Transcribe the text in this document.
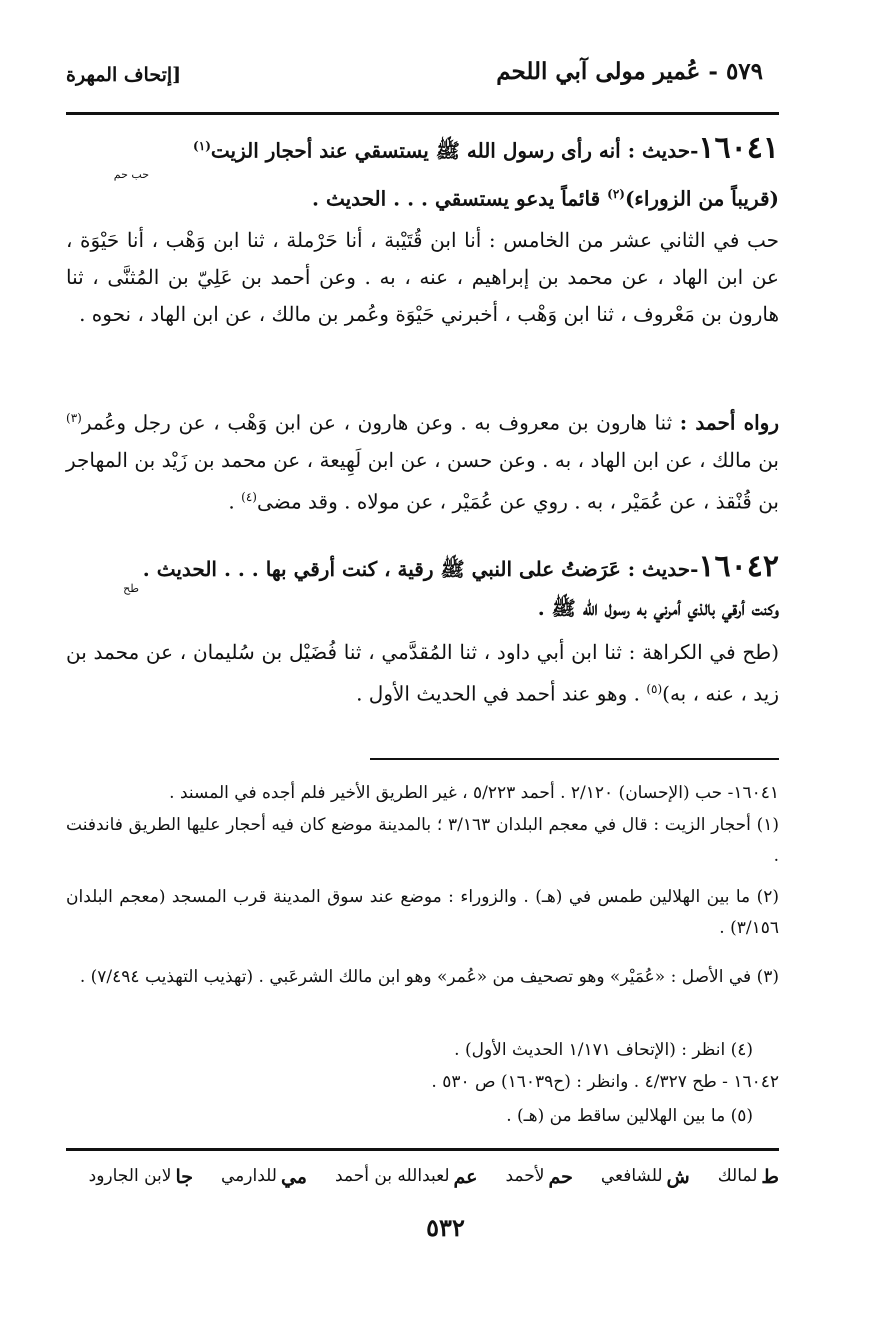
٥٧٩ - عُمير مولى آبي اللحم
[إتحاف المهرة
١٦٠٤١-حديث : أنه رأى رسول الله ﷺ يستسقي عند أحجار الزيت$^{(١)}$
حب حم
(قريباً من الزوراء)$^{(٢)}$ قائماً يدعو يستسقي . . . الحديث .
حب في الثاني عشر من الخامس : أنا ابن قُتَيْبة ، أنا حَرْملة ، ثنا ابن وَهْب ، أنا حَيْوَة ، عن ابن الهاد ، عن محمد بن إبراهيم ، عنه ، به . وعن أحمد بن عَلِيّ بن المُثنَّى ، ثنا هارون بن مَعْروف ، ثنا ابن وَهْب ، أخبرني حَيْوَة وعُمر بن مالك ، عن ابن الهاد ، نحوه .
رواه أحمد : ثنا هارون بن معروف به . وعن هارون ، عن ابن وَهْب ، عن رجل وعُمر$^{(٣)}$ بن مالك ، عن ابن الهاد ، به . وعن حسن ، عن ابن لَهِيعة ، عن محمد بن زَيْد بن المهاجر بن قُنْقذ ، عن عُمَيْر ، به . روي عن عُمَيْر ، عن مولاه . وقد مضى$^{(٤)}$ .
١٦٠٤٢-حديث : عَرَضتُ على النبي ﷺ رقية ، كنت أرقي بها . . . الحديث .
طح
وكنت أرقي بالذي أمرني به رسول الله ﷺ .
(طح في الكراهة : ثنا ابن أبي داود ، ثنا المُقدَّمي ، ثنا فُضَيْل بن سُليمان ، عن محمد بن زيد ، عنه ، به)$^{(٥)}$ . وهو عند أحمد في الحديث الأول .
١٦٠٤١- حب (الإحسان) ٢/١٢٠ . أحمد ٥/٢٢٣ ، غير الطريق الأخير فلم أجده في المسند .
(١) أحجار الزيت : قال في معجم البلدان ٣/١٦٣ ؛ بالمدينة موضع كان فيه أحجار عليها الطريق فاندفنت .
(٢) ما بين الهلالين طمس في (هـ) . والزوراء : موضع عند سوق المدينة قرب المسجد (معجم البلدان ٣/١٥٦) .
(٣) في الأصل : «عُمَيْر» وهو تصحيف من «عُمر» وهو ابن مالك الشرعَبي . (تهذيب التهذيب ٧/٤٩٤) .
(٤) انظر : (الإتحاف ١/١٧١ الحديث الأول) .
١٦٠٤٢ - طح ٤/٣٢٧ . وانظر : (ح١٦٠٣٩) ص ٥٣٠ .
(٥) ما بين الهلالين ساقط من (هـ) .
ط
لمالك
ش
للشافعي
حم
لأحمد
عم
لعبدالله بن أحمد
مي
للدارمي
جا
لابن الجارود
٥٣٢
